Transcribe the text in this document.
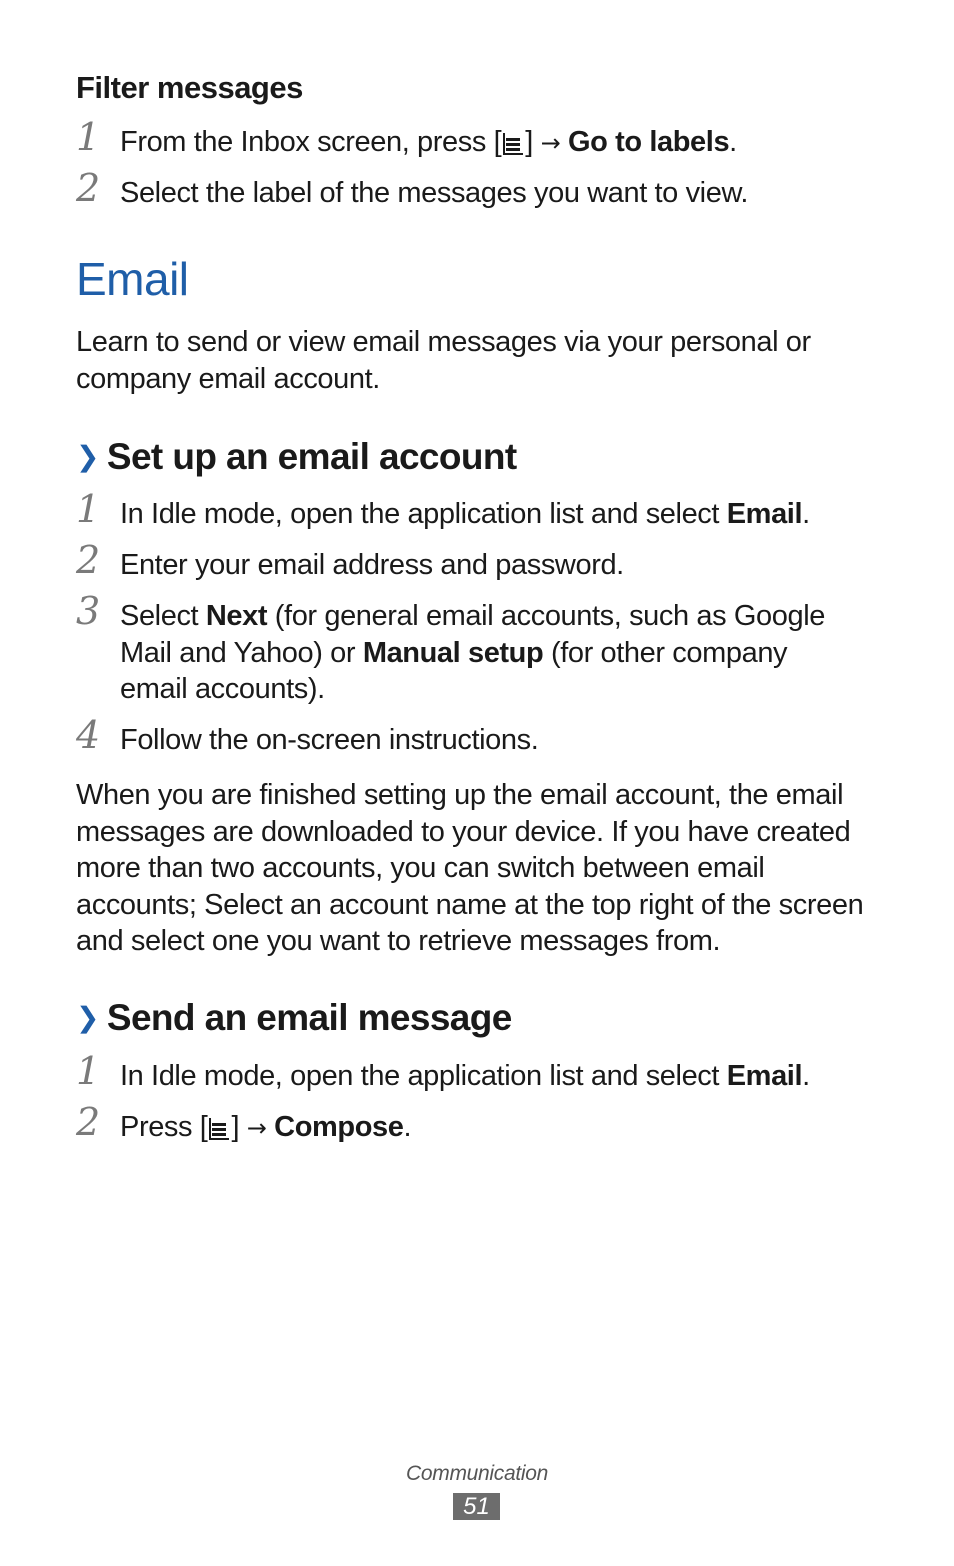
Filter messages
1 From the Inbox screen, press [ ] → Go to labels.
2 Select the label of the messages you want to view.
Email

Learn to send or view email messages via your personal or company email account.

❯ Set up an email account
1 In Idle mode, open the application list and select Email.
2 Enter your email address and password.
3 Select Next (for general email accounts, such as Google Mail and Yahoo) or Manual setup (for other company email accounts).
4 Follow the on-screen instructions.

When you are finished setting up the email account, the email messages are downloaded to your device. If you have created more than two accounts, you can switch between email accounts; Select an account name at the top right of the screen and select one you want to retrieve messages from.

❯ Send an email message
1 In Idle mode, open the application list and select Email.
2 Press [ ] → Compose.
Communication
51
